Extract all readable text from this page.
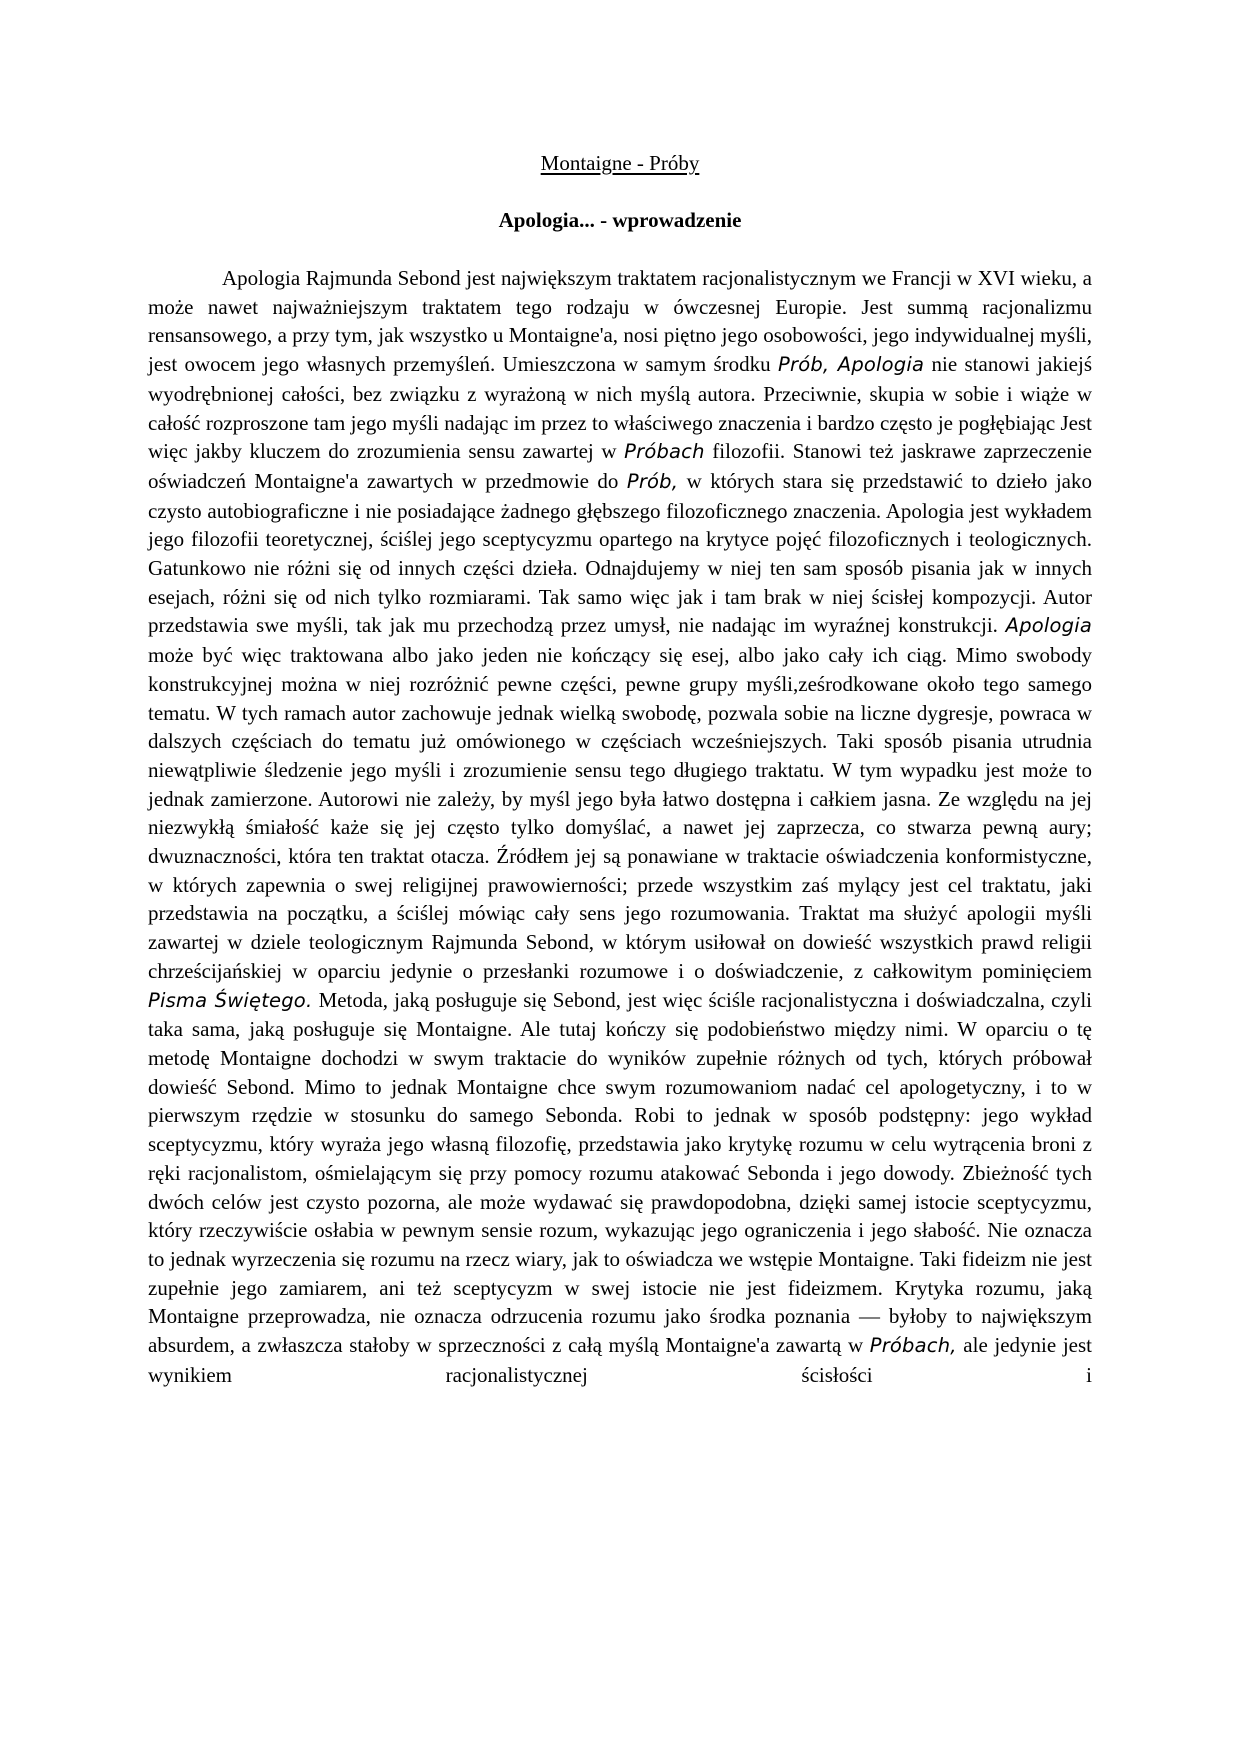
Montaigne - Próby
Apologia... - wprowadzenie

Apologia Rajmunda Sebond jest największym traktatem racjonalistycznym we Francji w XVI wieku, a może nawet najważniejszym traktatem tego rodzaju w ówczesnej Europie. Jest summą racjonalizmu rensansowego, a przy tym, jak wszystko u Montaigne'a, nosi piętno jego osobowości, jego indywidualnej myśli, jest owocem jego własnych przemyśleń. Umieszczona w samym środku Prób, Apologia nie stanowi jakiejś wyodrębnionej całości, bez związku z wyrażoną w nich myślą autora. Przeciwnie, skupia w sobie i wiąże w całość rozproszone tam jego myśli nadając im przez to właściwego znaczenia i bardzo często je pogłębiając Jest więc jakby kluczem do zrozumienia sensu zawartej w Próbach filozofii. Stanowi też jaskrawe zaprzeczenie oświadczeń Montaigne'a zawartych w przedmowie do Prób, w których stara się przedstawić to dzieło jako czysto autobiograficzne i nie posiadające żadnego głębszego filozoficznego znaczenia. Apologia jest wykładem jego filozofii teoretycznej, ściślej jego sceptycyzmu opartego na krytyce pojęć filozoficznych i teologicznych. Gatunkowo nie różni się od innych części dzieła. Odnajdujemy w niej ten sam sposób pisania jak w innych esejach, różni się od nich tylko rozmiarami. Tak samo więc jak i tam brak w niej ścisłej kompozycji. Autor przedstawia swe myśli, tak jak mu przechodzą przez umysł, nie nadając im wyraźnej konstrukcji. Apologia może być więc traktowana albo jako jeden nie kończący się esej, albo jako cały ich ciąg. Mimo swobody konstrukcyjnej można w niej rozróżnić pewne części, pewne grupy myśli,ześrodkowane około tego samego tematu. W tych ramach autor zachowuje jednak wielką swobodę, pozwala sobie na liczne dygresje, powraca w dalszych częściach do tematu już omówionego w częściach wcześniejszych. Taki sposób pisania utrudnia niewątpliwie śledzenie jego myśli i zrozumienie sensu tego długiego traktatu. W tym wypadku jest może to jednak zamierzone. Autorowi nie zależy, by myśl jego była łatwo dostępna i całkiem jasna. Ze względu na jej niezwykłą śmiałość każe się jej często tylko domyślać, a nawet jej zaprzecza, co stwarza pewną aury; dwuznaczności, która ten traktat otacza. Źródłem jej są ponawiane w traktacie oświadczenia konformistyczne, w których zapewnia o swej religijnej prawowierności; przede wszystkim zaś mylący jest cel traktatu, jaki przedstawia na początku, a ściślej mówiąc cały sens jego rozumowania. Traktat ma służyć apologii myśli zawartej w dziele teologicznym Rajmunda Sebond, w którym usiłował on dowieść wszystkich prawd religii chrześcijańskiej w oparciu jedynie o przesłanki rozumowe i o doświadczenie, z całkowitym pominięciem Pisma Świętego. Metoda, jaką posługuje się Sebond, jest więc ściśle racjonalistyczna i doświadczalna, czyli taka sama, jaką posługuje się Montaigne. Ale tutaj kończy się podobieństwo między nimi. W oparciu o tę metodę Montaigne dochodzi w swym traktacie do wyników zupełnie różnych od tych, których próbował dowieść Sebond. Mimo to jednak Montaigne chce swym rozumowaniom nadać cel apologetyczny, i to w pierwszym rzędzie w stosunku do samego Sebonda. Robi to jednak w sposób podstępny: jego wykład sceptycyzmu, który wyraża jego własną filozofię, przedstawia jako krytykę rozumu w celu wytrącenia broni z ręki racjonalistom, ośmielającym się przy pomocy rozumu atakować Sebonda i jego dowody. Zbieżność tych dwóch celów jest czysto pozorna, ale może wydawać się prawdopodobna, dzięki samej istocie sceptycyzmu, który rzeczywiście osłabia w pewnym sensie rozum, wykazując jego ograniczenia i jego słabość. Nie oznacza to jednak wyrzeczenia się rozumu na rzecz wiary, jak to oświadcza we wstępie Montaigne. Taki fideizm nie jest zupełnie jego zamiarem, ani też sceptycyzm w swej istocie nie jest fideizmem. Krytyka rozumu, jaką Montaigne przeprowadza, nie oznacza odrzucenia rozumu jako środka poznania — byłoby to największym absurdem, a zwłaszcza stałoby w sprzeczności z całą myślą Montaigne'a zawartą w Próbach, ale jedynie jest wynikiem racjonalistycznej ścisłości i
